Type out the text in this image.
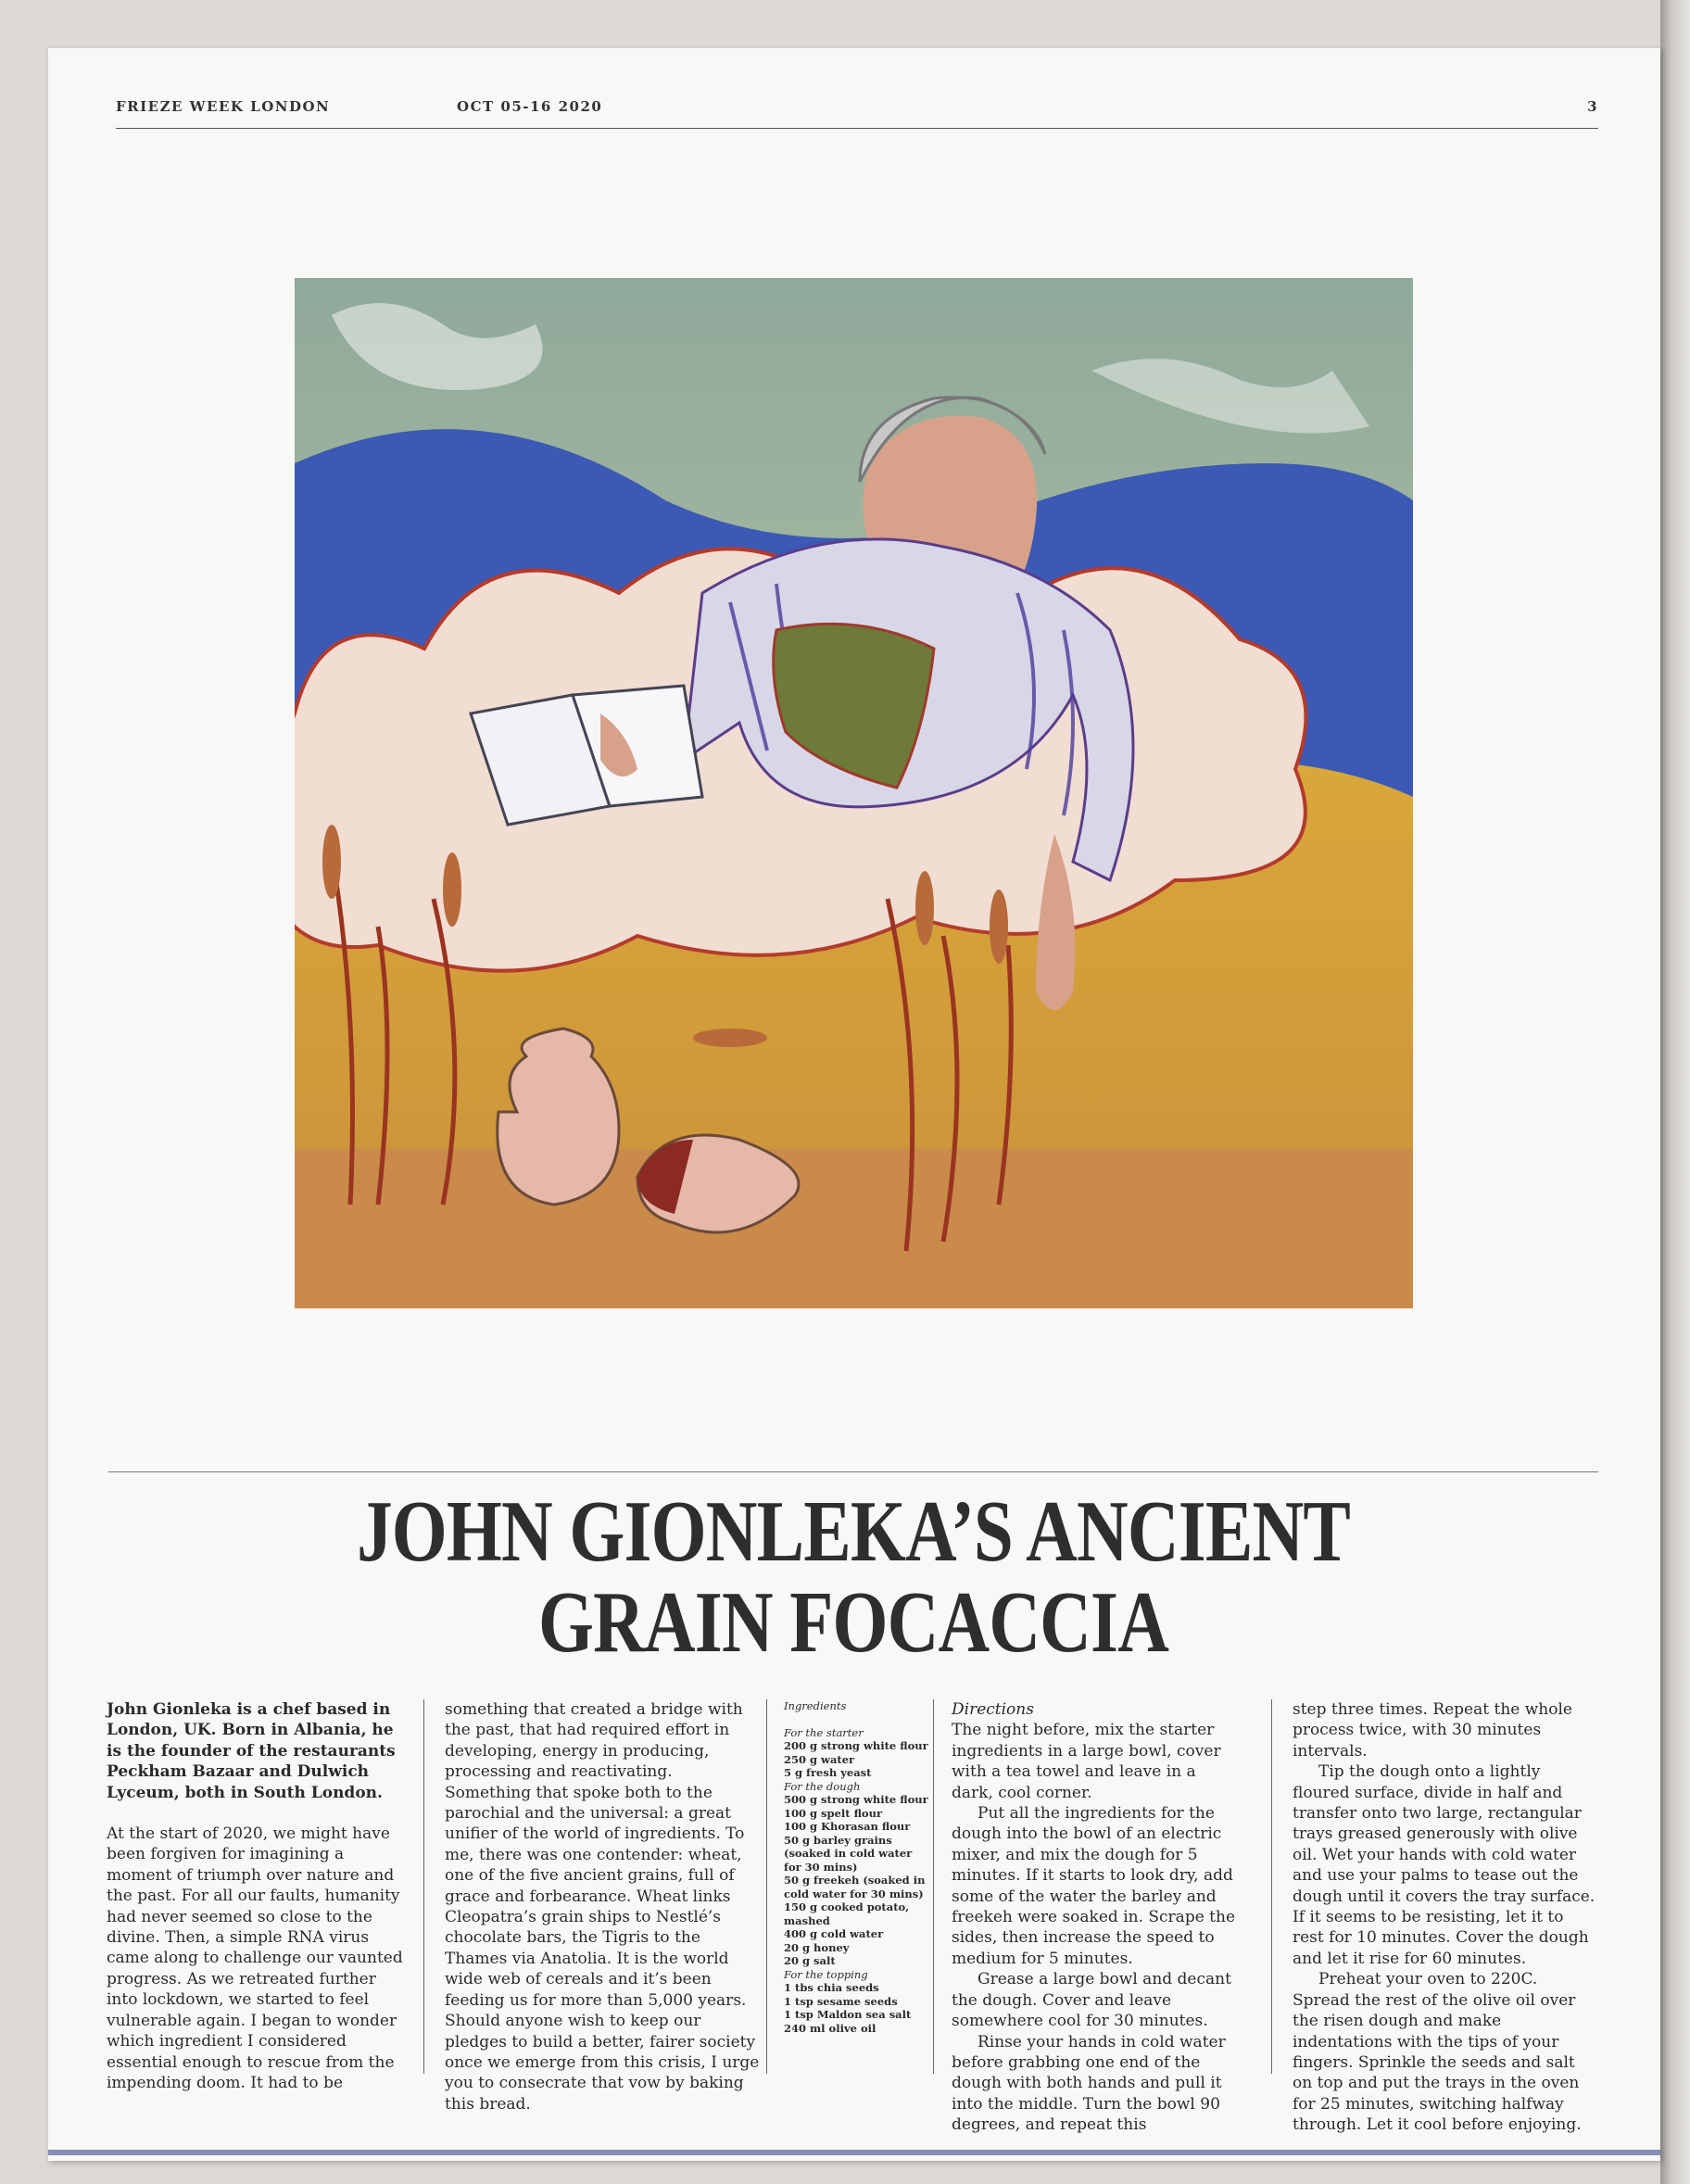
FRIEZE WEEK LONDON	OCT 05-16 2020	3
JOHN GIONLEKA’S ANCIENT
GRAIN FOCACCIA

John Gionleka is a chef based in London, UK. Born in Albania, he is the founder of the restaurants Peckham Bazaar and Dulwich Lyceum, both in South London.

At the start of 2020, we might have been forgiven for imagining a moment of triumph over nature and the past. For all our faults, humanity had never seemed so close to the divine. Then, a simple RNA virus came along to challenge our vaunted progress. As we retreated further into lockdown, we started to feel vulnerable again. I began to wonder which ingredient I considered essential enough to rescue from the impending doom. It had to be

something that created a bridge with the past, that had required effort in developing, energy in producing, processing and reactivating. Something that spoke both to the parochial and the universal: a great unifier of the world of ingredients. To me, there was one contender: wheat, one of the five ancient grains, full of grace and forbearance. Wheat links Cleopatra’s grain ships to Nestlé’s chocolate bars, the Tigris to the Thames via Anatolia. It is the world wide web of cereals and it’s been feeding us for more than 5,000 years. Should anyone wish to keep our pledges to build a better, fairer society once we emerge from this crisis, I urge you to consecrate that vow by baking this bread.

Ingredients

For the starter

200 g strong white flour

250 g water

5 g fresh yeast

For the dough

500 g strong white flour

100 g spelt flour

100 g Khorasan flour

50 g barley grains (soaked in cold water for 30 mins)

50 g freekeh (soaked in cold water for 30 mins)

150 g cooked potato, mashed

400 g cold water

20 g honey

20 g salt

For the topping

1 tbs chia seeds

1 tsp sesame seeds

1 tsp Maldon sea salt

240 ml olive oil

Directions

The night before, mix the starter ingredients in a large bowl, cover with a tea towel and leave in a dark, cool corner.

Put all the ingredients for the dough into the bowl of an electric mixer, and mix the dough for 5 minutes. If it starts to look dry, add some of the water the barley and freekeh were soaked in. Scrape the sides, then increase the speed to medium for 5 minutes.

Grease a large bowl and decant the dough. Cover and leave somewhere cool for 30 minutes.

Rinse your hands in cold water before grabbing one end of the dough with both hands and pull it into the middle. Turn the bowl 90 degrees, and repeat this

step three times. Repeat the whole process twice, with 30 minutes intervals.

Tip the dough onto a lightly floured surface, divide in half and transfer onto two large, rectangular trays greased generously with olive oil. Wet your hands with cold water and use your palms to tease out the dough until it covers the tray surface. If it seems to be resisting, let it to rest for 10 minutes. Cover the dough and let it rise for 60 minutes.

Preheat your oven to 220C. Spread the rest of the olive oil over the risen dough and make indentations with the tips of your fingers. Sprinkle the seeds and salt on top and put the trays in the oven for 25 minutes, switching halfway through. Let it cool before enjoying.
